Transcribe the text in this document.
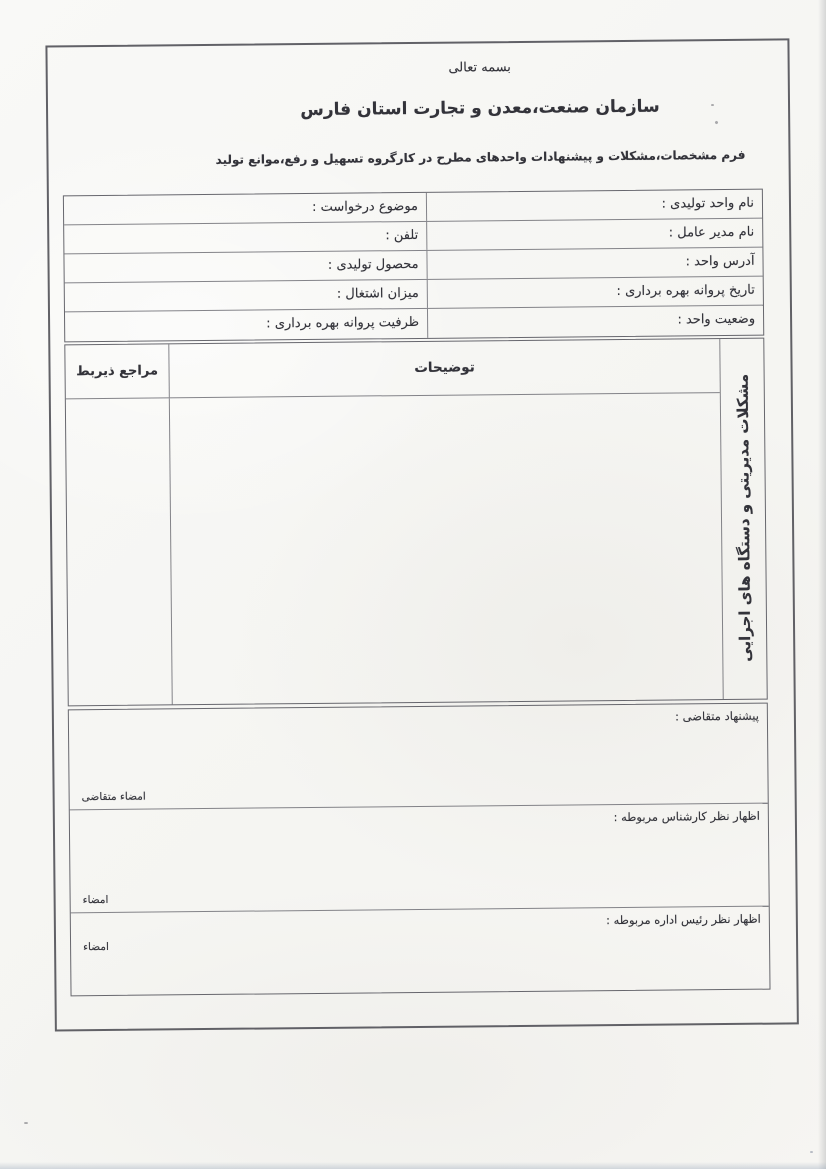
بسمه تعالی
سازمان صنعت،معدن و تجارت استان فارس
فرم مشخصات،مشکلات و پیشنهادات واحدهای مطرح در کارگروه تسهیل و رفع،موانع تولید
نام واحد تولیدی :
موضوع درخواست :
نام مدیر عامل :
تلفن :
آدرس واحد :
محصول تولیدی :
تاریخ پروانه بهره برداری :
میزان اشتغال :
وضعیت واحد :
ظرفیت پروانه بهره برداری :
مشکلات مدیریتی و دستگاه های اجرایی
توضیحات
مراجع ذیربط
پیشنهاد متقاضی :
امضاء متقاضی
اظهار نظر کارشناس مربوطه :
امضاء
اظهار نظر رئیس اداره مربوطه :
امضاء
